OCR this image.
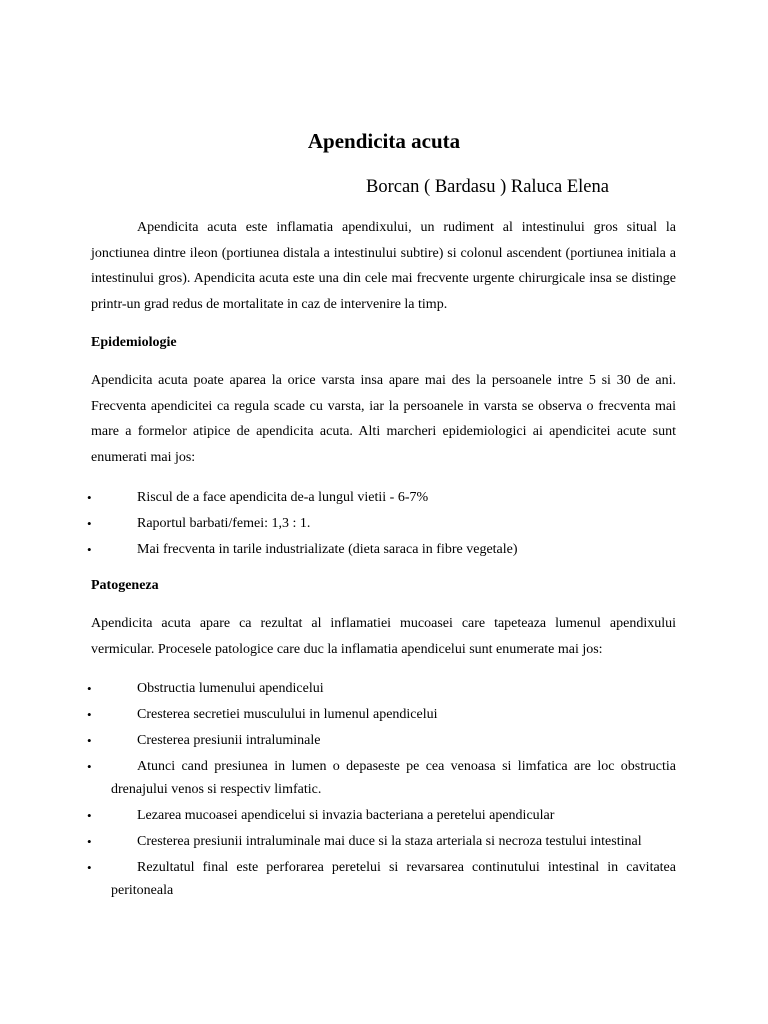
Apendicita acuta
Borcan ( Bardasu ) Raluca Elena
Apendicita acuta este inflamatia apendixului, un rudiment al intestinului gros situal la jonctiunea dintre ileon (portiunea distala a intestinului subtire) si colonul ascendent (portiunea initiala a intestinului gros). Apendicita acuta este una din cele mai frecvente urgente chirurgicale insa se distinge printr-un grad redus de mortalitate in caz de intervenire la timp.
Epidemiologie
Apendicita acuta poate aparea la orice varsta insa apare mai des la persoanele intre 5 si 30 de ani. Frecventa apendicitei ca regula scade cu varsta, iar la persoanele in varsta se observa o frecventa mai mare a formelor atipice de apendicita acuta. Alti marcheri epidemiologici ai apendicitei acute sunt enumerati mai jos:
•	Riscul de a face apendicita de-a lungul vietii - 6-7%
•	Raportul barbati/femei: 1,3 : 1.
•	Mai frecventa in tarile industrializate (dieta saraca in fibre vegetale)
Patogeneza
Apendicita acuta apare ca rezultat al inflamatiei mucoasei care tapeteaza lumenul apendixului vermicular. Procesele patologice care duc la inflamatia apendicelui sunt enumerate mai jos:
•	Obstructia lumenului apendicelui
•	Cresterea secretiei musculului in lumenul apendicelui
•	Cresterea presiunii intraluminale
•	Atunci cand presiunea in lumen o depaseste pe cea venoasa si limfatica are loc obstructia drenajului venos si respectiv limfatic.
•	Lezarea mucoasei apendicelui si invazia bacteriana a peretelui apendicular
•	Cresterea presiunii intraluminale mai duce si la staza arteriala si necroza testului intestinal
•	Rezultatul final este perforarea peretelui si revarsarea continutului intestinal in cavitatea peritoneala
